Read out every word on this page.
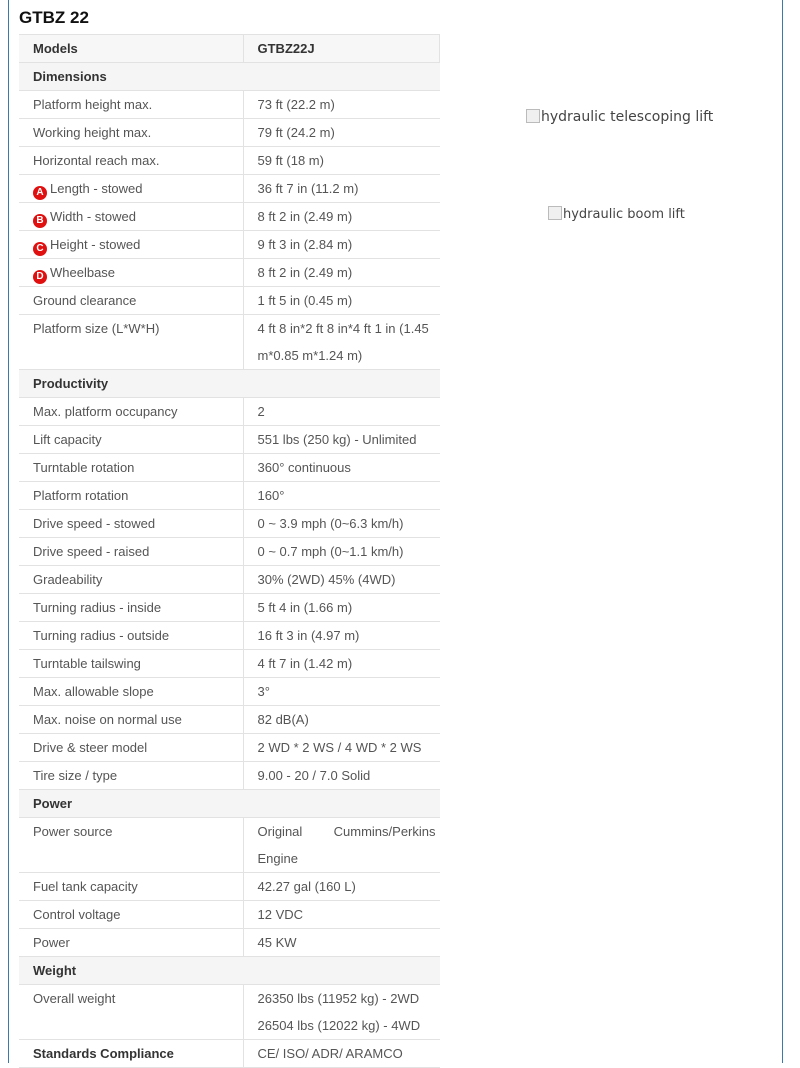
GTBZ 22
Models	GTBZ22J
Dimensions	
Platform height max.	73 ft (22.2 m)
Working height max.	79 ft (24.2 m)
Horizontal reach max.	59 ft (18 m)
A Length - stowed	36 ft 7 in (11.2 m)
B Width - stowed	8 ft 2 in (2.49 m)
C Height - stowed	9 ft 3 in (2.84 m)
D Wheelbase	8 ft 2 in (2.49 m)
Ground clearance	1 ft 5 in (0.45 m)
Platform size (L*W*H)	4 ft 8 in*2 ft 8 in*4 ft 1 in (1.45 m*0.85 m*1.24 m)
Productivity	
Max. platform occupancy	2
Lift capacity	551 lbs (250 kg) - Unlimited
Turntable rotation	360° continuous
Platform rotation	160°
Drive speed - stowed	0 ~ 3.9 mph (0~6.3 km/h)
Drive speed - raised	0 ~ 0.7 mph (0~1.1 km/h)
Gradeability	30% (2WD) 45% (4WD)
Turning radius - inside	5 ft 4 in (1.66 m)
Turning radius - outside	16 ft 3 in (4.97 m)
Turntable tailswing	4 ft 7 in (1.42 m)
Max. allowable slope	3°
Max. noise on normal use	82 dB(A)
Drive & steer model	2 WD * 2 WS / 4 WD * 2 WS
Tire size / type	9.00 - 20 / 7.0 Solid
Power	
Power source	Original Cummins/Perkins Engine
Fuel tank capacity	42.27 gal (160 L)
Control voltage	12 VDC
Power	45 KW
Weight	
Overall weight	26350 lbs (11952 kg) - 2WD 26504 lbs (12022 kg) - 4WD
Standards Compliance	CE/ ISO/ ADR/ ARAMCO
hydraulic telescoping lift
hydraulic boom lift
